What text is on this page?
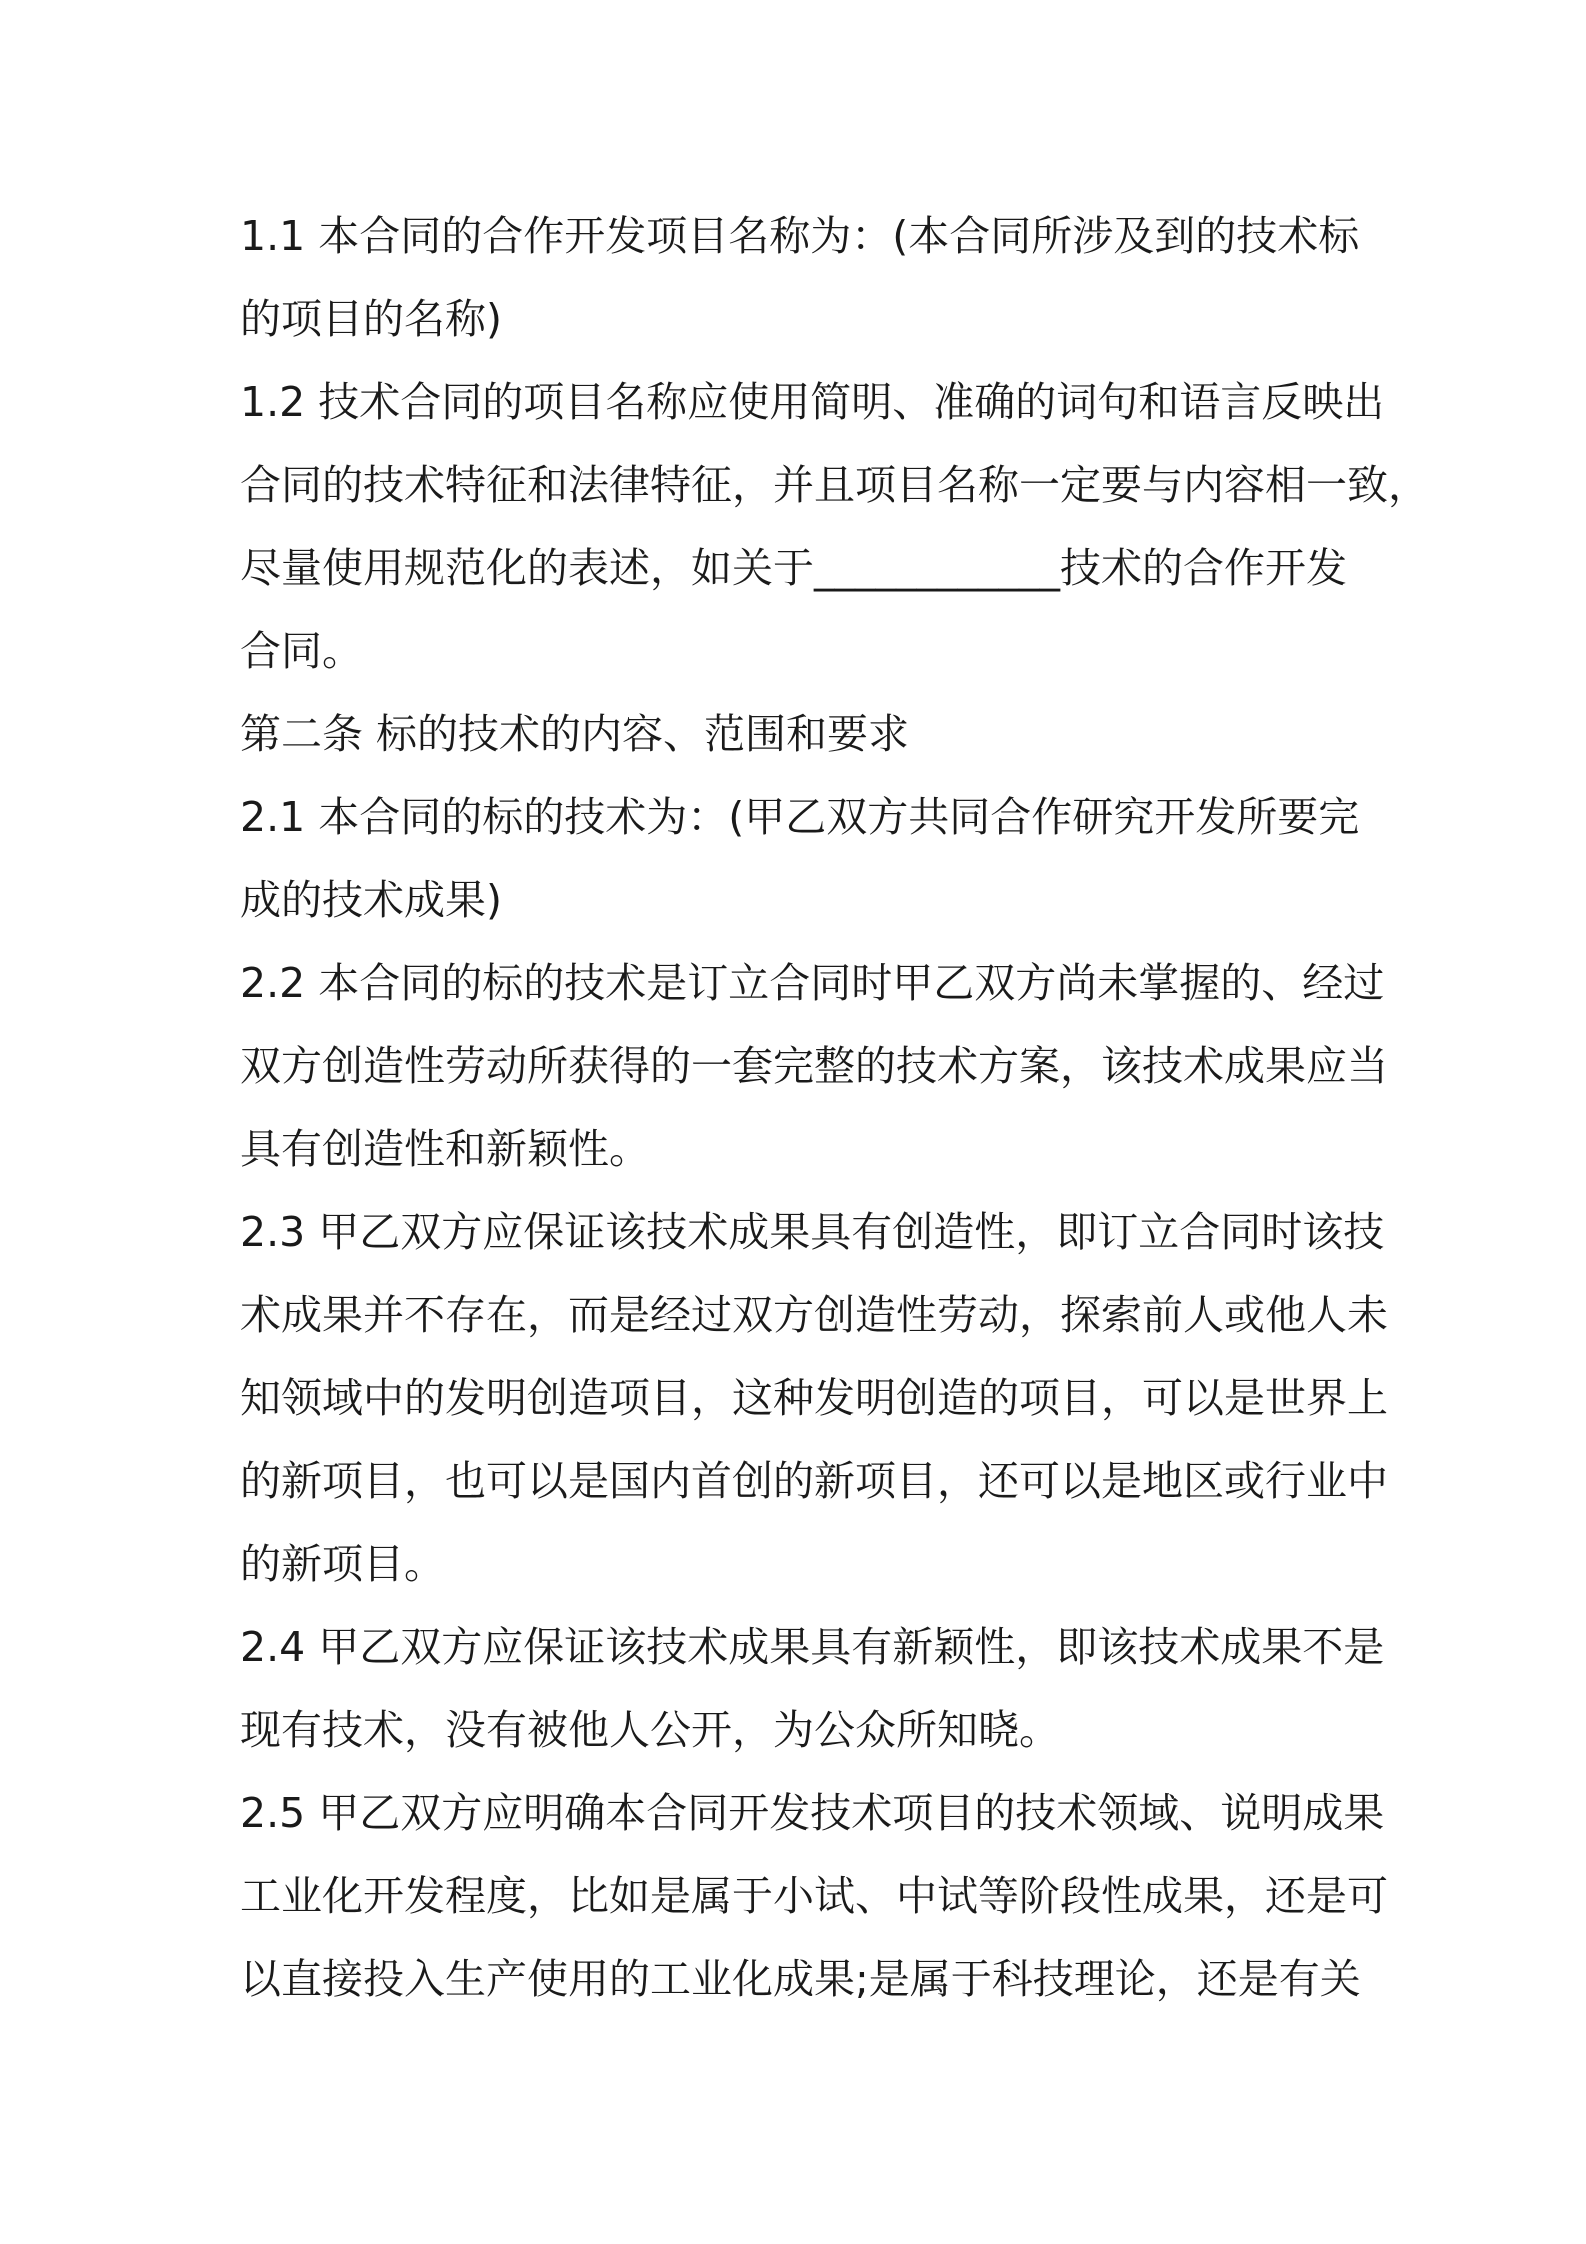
1.1 本合同的合作开发项目名称为：(本合同所涉及到的技术标
的项目的名称)
1.2 技术合同的项目名称应使用简明、准确的词句和语言反映出
合同的技术特征和法律特征，并且项目名称一定要与内容相一致，
尽量使用规范化的表述，如关于____________技术的合作开发
合同。
第二条 标的技术的内容、范围和要求
2.1 本合同的标的技术为：(甲乙双方共同合作研究开发所要完
成的技术成果)
2.2 本合同的标的技术是订立合同时甲乙双方尚未掌握的、经过
双方创造性劳动所获得的一套完整的技术方案，该技术成果应当
具有创造性和新颖性。
2.3 甲乙双方应保证该技术成果具有创造性，即订立合同时该技
术成果并不存在，而是经过双方创造性劳动，探索前人或他人未
知领域中的发明创造项目，这种发明创造的项目，可以是世界上
的新项目，也可以是国内首创的新项目，还可以是地区或行业中
的新项目。
2.4 甲乙双方应保证该技术成果具有新颖性，即该技术成果不是
现有技术，没有被他人公开，为公众所知晓。
2.5 甲乙双方应明确本合同开发技术项目的技术领域、说明成果
工业化开发程度，比如是属于小试、中试等阶段性成果，还是可
以直接投入生产使用的工业化成果;是属于科技理论，还是有关
